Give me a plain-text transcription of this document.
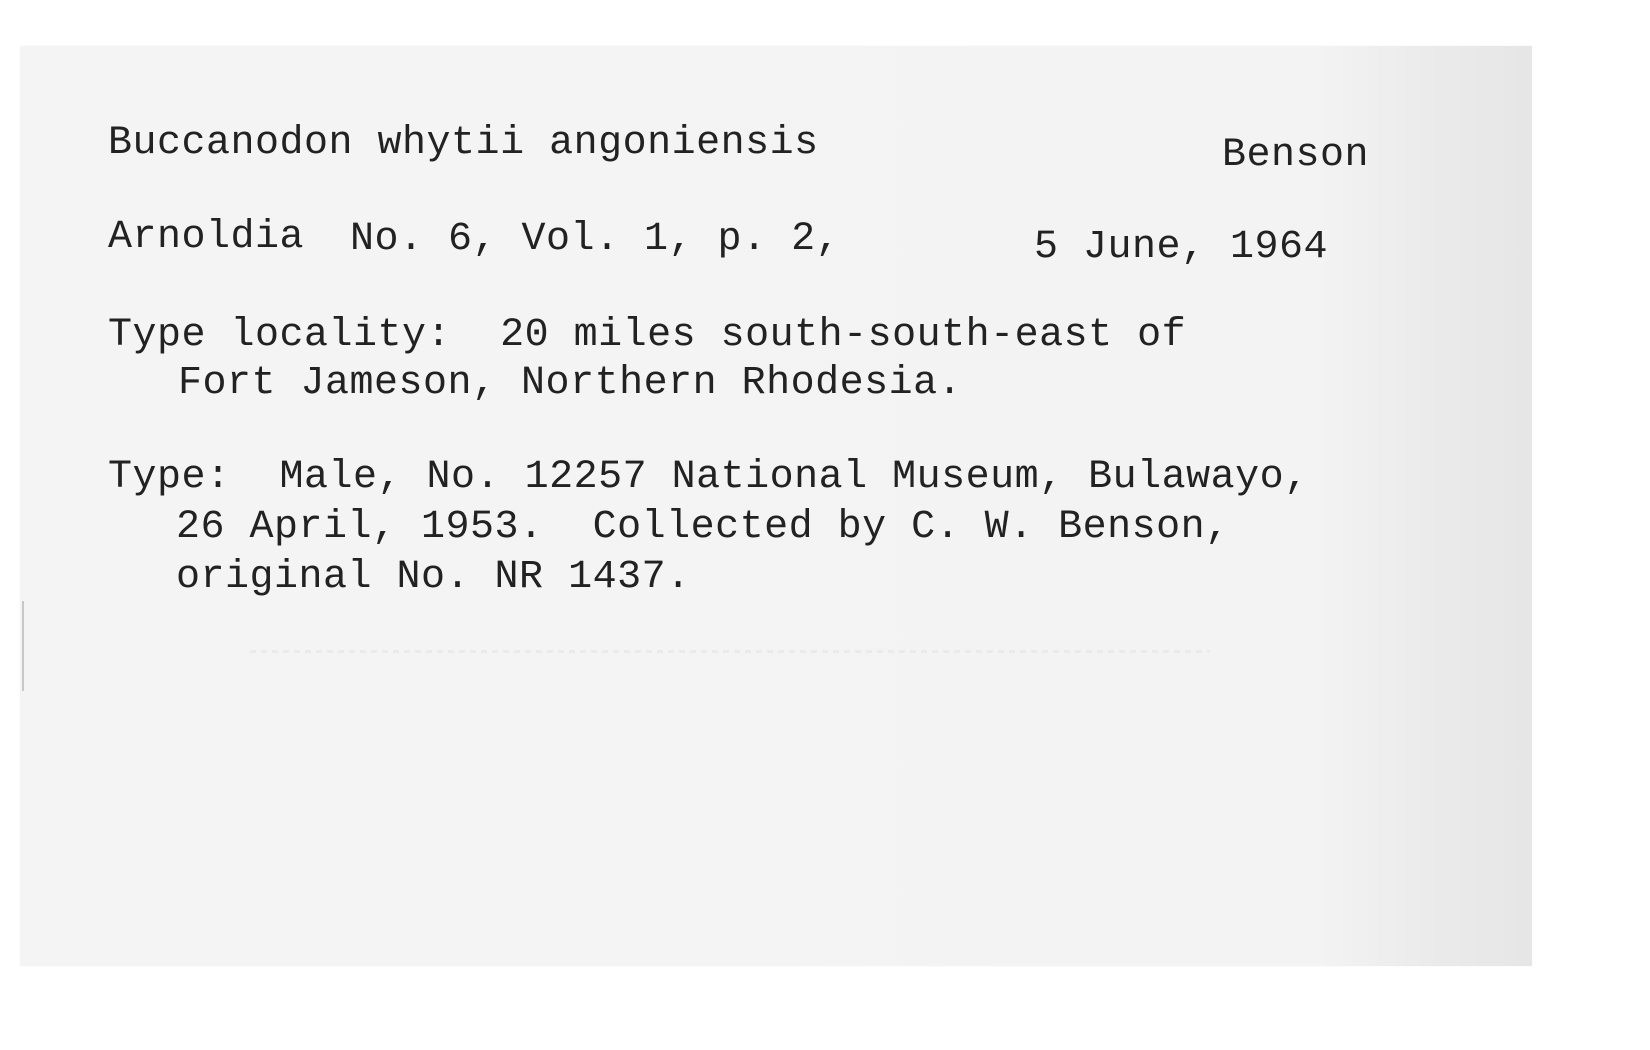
Buccanodon whytii angoniensis	Benson
Arnoldia No. 6, Vol. 1, p. 2,	5 June, 1964
Type locality:  20 miles south-south-east of
Fort Jameson, Northern Rhodesia.
Type:  Male, No. 12257 National Museum, Bulawayo,
26 April, 1953.  Collected by C. W. Benson,
original No. NR 1437.
